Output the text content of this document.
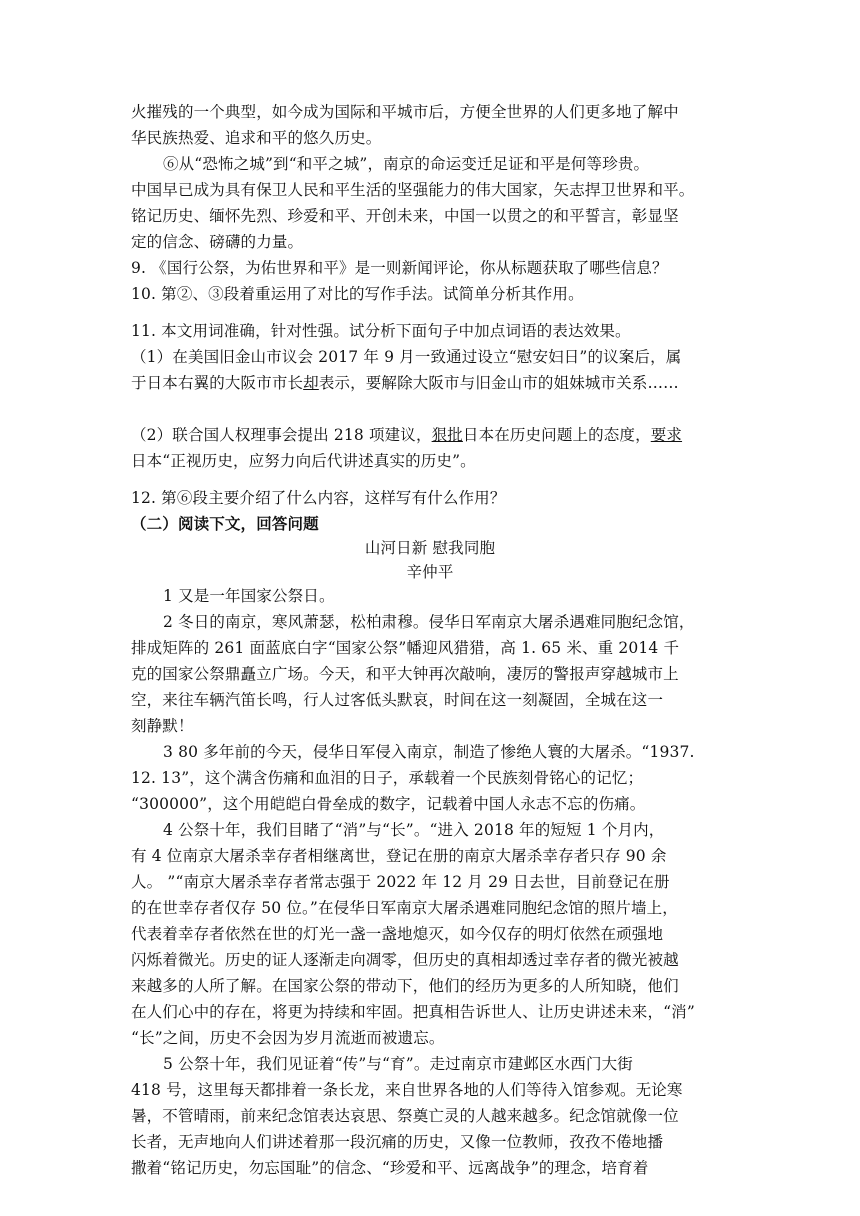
火摧残的一个典型，如今成为国际和平城市后，方便全世界的人们更多地了解中
华民族热爱、追求和平的悠久历史。
⑥从“恐怖之城”到“和平之城”，南京的命运变迁足证和平是何等珍贵。
中国早已成为具有保卫人民和平生活的坚强能力的伟大国家，矢志捍卫世界和平。
铭记历史、缅怀先烈、珍爱和平、开创未来，中国一以贯之的和平誓言，彰显坚
定的信念、磅礴的力量。
9. 《国行公祭，为佑世界和平》是一则新闻评论，你从标题获取了哪些信息？
10. 第②、③段着重运用了对比的写作手法。试简单分析其作用。
11. 本文用词准确，针对性强。试分析下面句子中加点词语的表达效果。
（1）在美国旧金山市议会 2017 年 9 月一致通过设立“慰安妇日”的议案后，属
于日本右翼的大阪市市长却表示，要解除大阪市与旧金山市的姐妹城市关系……
（2）联合国人权理事会提出 218 项建议，狠批日本在历史问题上的态度，要求
日本“正视历史，应努力向后代讲述真实的历史”。
12. 第⑥段主要介绍了什么内容，这样写有什么作用？
（二）阅读下文，回答问题
山河日新 慰我同胞
辛仲平
1 又是一年国家公祭日。
2 冬日的南京，寒风萧瑟，松柏肃穆。侵华日军南京大屠杀遇难同胞纪念馆，
排成矩阵的 261 面蓝底白字“国家公祭”幡迎风猎猎，高 1. 65 米、重 2014 千
克的国家公祭鼎矗立广场。今天，和平大钟再次敲响，凄厉的警报声穿越城市上
空，来往车辆汽笛长鸣，行人过客低头默哀，时间在这一刻凝固，全城在这一
刻静默！
3 80 多年前的今天，侵华日军侵入南京，制造了惨绝人寰的大屠杀。“1937.
12. 13”，这个满含伤痛和血泪的日子，承载着一个民族刻骨铭心的记忆；
“300000”，这个用皑皑白骨垒成的数字，记载着中国人永志不忘的伤痛。
4 公祭十年，我们目睹了“消”与“长”。“进入 2018 年的短短 1 个月内，
有 4 位南京大屠杀幸存者相继离世，登记在册的南京大屠杀幸存者只存 90 余
人。 ”“南京大屠杀幸存者常志强于 2022 年 12 月 29 日去世，目前登记在册
的在世幸存者仅存 50 位。”在侵华日军南京大屠杀遇难同胞纪念馆的照片墙上，
代表着幸存者依然在世的灯光一盏一盏地熄灭，如今仅存的明灯依然在顽强地
闪烁着微光。历史的证人逐渐走向凋零，但历史的真相却透过幸存者的微光被越
来越多的人所了解。在国家公祭的带动下，他们的经历为更多的人所知晓，他们
在人们心中的存在，将更为持续和牢固。把真相告诉世人、让历史讲述未来，“消”
“长”之间，历史不会因为岁月流逝而被遗忘。
5 公祭十年，我们见证着“传”与“育”。走过南京市建邺区水西门大街
418 号，这里每天都排着一条长龙，来自世界各地的人们等待入馆参观。无论寒
暑，不管晴雨，前来纪念馆表达哀思、祭奠亡灵的人越来越多。纪念馆就像一位
长者，无声地向人们讲述着那一段沉痛的历史，又像一位教师，孜孜不倦地播
撒着“铭记历史，勿忘国耻”的信念、“珍爱和平、远离战争”的理念，培育着
